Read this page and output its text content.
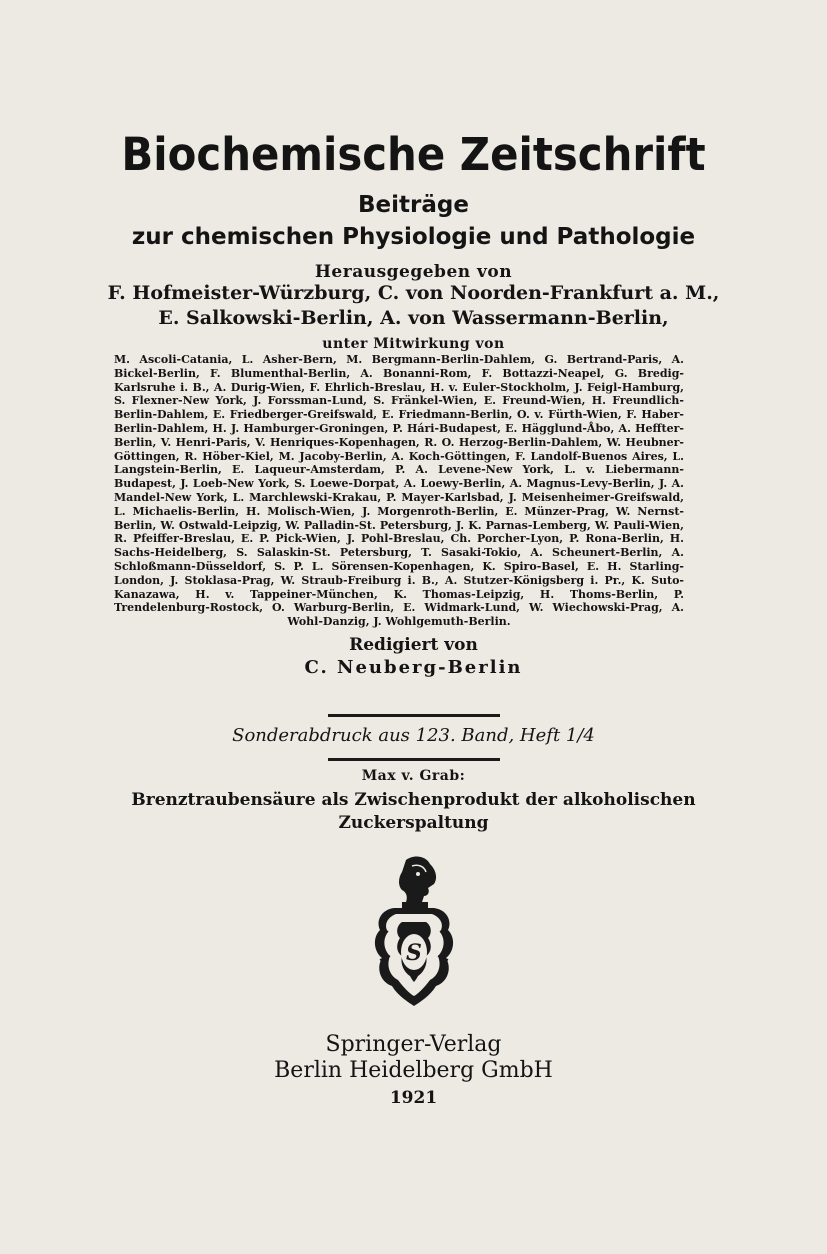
Biochemische Zeitschrift
Beiträge
zur chemischen Physiologie und Pathologie
Herausgegeben von
F. Hofmeister-Würzburg, C. von Noorden-Frankfurt a. M.,
E. Salkowski-Berlin, A. von Wassermann-Berlin,
unter Mitwirkung von
M. Ascoli-Catania, L. Asher-Bern, M. Bergmann-Berlin-Dahlem, G. Bertrand-Paris, A. Bickel-Berlin, F. Blumenthal-Berlin, A. Bonanni-Rom, F. Bottazzi-Neapel, G. Bredig-Karlsruhe i. B., A. Durig-Wien, F. Ehrlich-Breslau, H. v. Euler-Stockholm, J. Feigl-Hamburg, S. Flexner-New York, J. Forssman-Lund, S. Fränkel-Wien, E. Freund-Wien, H. Freundlich-Berlin-Dahlem, E. Friedberger-Greifswald, E. Friedmann-Berlin, O. v. Fürth-Wien, F. Haber-Berlin-Dahlem, H. J. Hamburger-Groningen, P. Hári-Budapest, E. Hägglund-Åbo, A. Heffter-Berlin, V. Henri-Paris, V. Henriques-Kopenhagen, R. O. Herzog-Berlin-Dahlem, W. Heubner-Göttingen, R. Höber-Kiel, M. Jacoby-Berlin, A. Koch-Göttingen, F. Landolf-Buenos Aires, L. Langstein-Berlin, E. Laqueur-Amsterdam, P. A. Levene-New York, L. v. Liebermann-Budapest, J. Loeb-New York, S. Loewe-Dorpat, A. Loewy-Berlin, A. Magnus-Levy-Berlin, J. A. Mandel-New York, L. Marchlewski-Krakau, P. Mayer-Karlsbad, J. Meisenheimer-Greifswald, L. Michaelis-Berlin, H. Molisch-Wien, J. Morgenroth-Berlin, E. Münzer-Prag, W. Nernst-Berlin, W. Ostwald-Leipzig, W. Palladin-St. Petersburg, J. K. Parnas-Lemberg, W. Pauli-Wien, R. Pfeiffer-Breslau, E. P. Pick-Wien, J. Pohl-Breslau, Ch. Porcher-Lyon, P. Rona-Berlin, H. Sachs-Heidelberg, S. Salaskin-St. Petersburg, T. Sasaki-Tokio, A. Scheunert-Berlin, A. Schloßmann-Düsseldorf, S. P. L. Sörensen-Kopenhagen, K. Spiro-Basel, E. H. Starling-London, J. Stoklasa-Prag, W. Straub-Freiburg i. B., A. Stutzer-Königsberg i. Pr., K. Suto-Kanazawa, H. v. Tappeiner-München, K. Thomas-Leipzig, H. Thoms-Berlin, P. Trendelenburg-Rostock, O. Warburg-Berlin, E. Widmark-Lund, W. Wiechowski-Prag, A. Wohl-Danzig, J. Wohlgemuth-Berlin.
Redigiert von
C. Neuberg-Berlin
Sonderabdruck aus 123. Band, Heft 1/4
Max v. Grab:
Brenztraubensäure als Zwischenprodukt der alkoholischen
Zuckerspaltung
S
Springer-Verlag
Berlin Heidelberg GmbH
1921
